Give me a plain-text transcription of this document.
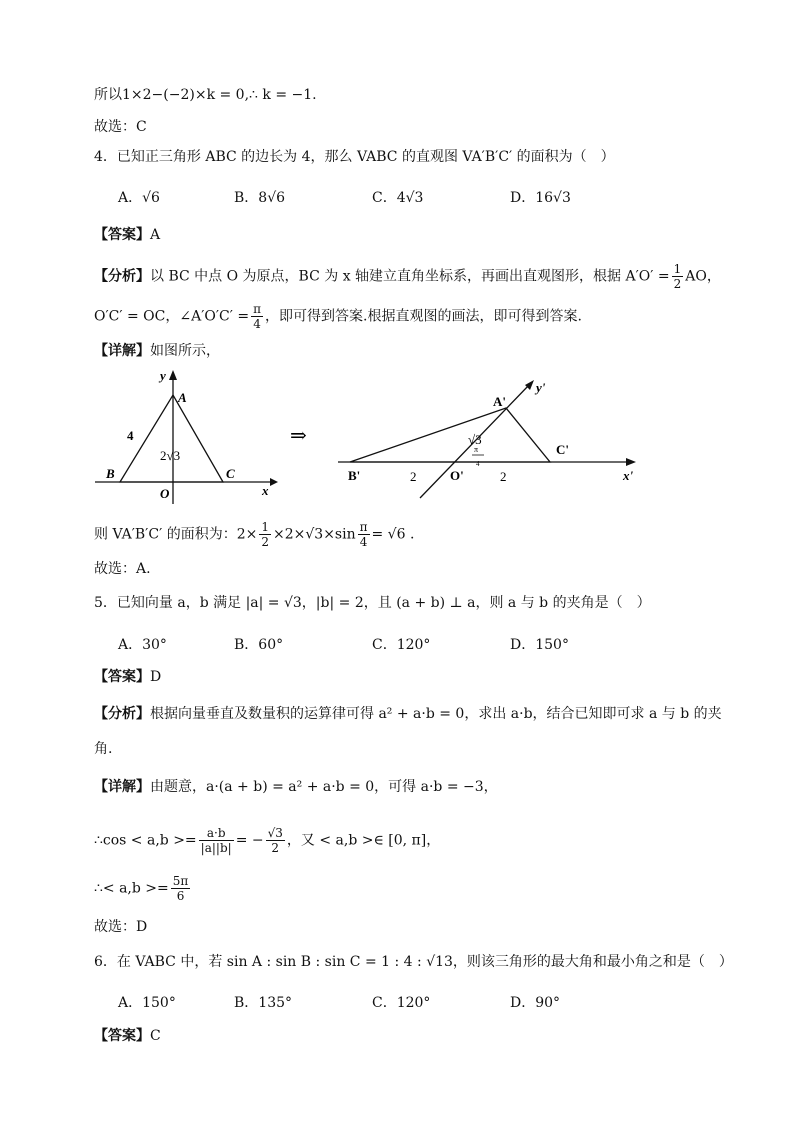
所以1×2−(−2)×k = 0,∴ k = −1.
故选：C
4．已知正三角形 ABC 的边长为 4，那么 VABC 的直观图 VA′B′C′ 的面积为（　）
A．√6	B．8√6	C．4√3	D．16√3
【答案】A
【分析】以 BC 中点 O 为原点，BC 为 x 轴建立直角坐标系，再画出直观图形，根据 $A'O' = \frac{1}{2}$ AO，
O′C′ = OC，∠A′O′C′ = $\frac{\pi}{4}$ ，即可得到答案.根据直观图的画法，即可得到答案.
【详解】如图所示，
y
A
4
2√3
B	C
O	x
⇒
A'
y'
√3
π
4
C'
B'	2	O'	2	x'
则 VA′B′C′ 的面积为：$2\times \frac{1}{2} \times 2\times√3\times\sin \frac{\pi}{4} = √6$ .
故选：A.
5．已知向量 a，b 满足 |a| = √3，|b| = 2，且 (a + b) ⊥ a，则 a 与 b 的夹角是（　）
A．30°	B．60°	C．120°	D．150°
【答案】D
【分析】根据向量垂直及数量积的运算律可得 a² + a·b = 0，求出 a·b，结合已知即可求 a 与 b 的夹
角.
【详解】由题意，a·(a + b) = a² + a·b = 0，可得 a·b = −3，
∴cos < $a,b >= \frac{a\cdot b}{|a||b|}$ = − $\frac{√3}{2}$ ，又 < a,b >∈ [0, π]，
∴< $a,b >= \frac{5\pi}{6}$
故选：D
6．在 VABC 中，若 sin A : sin B : sin C = 1 : 4 : √13，则该三角形的最大角和最小角之和是（　）
A．150°	B．135°	C．120°	D．90°
【答案】C
